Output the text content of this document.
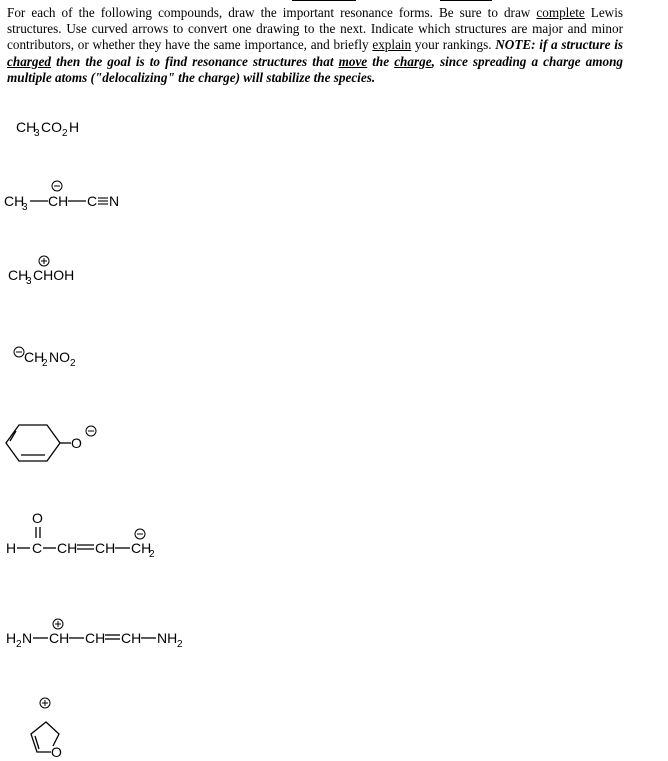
For each of the following compounds, draw the important resonance forms. Be sure to draw complete Lewis structures. Use curved arrows to convert one drawing to the next. Indicate which structures are major and minor contributors, or whether they have the same importance, and briefly explain your rankings. NOTE: if a structure is charged then the goal is to find resonance structures that move the charge, since spreading a charge among multiple atoms ("delocalizing" the charge) will stabilize the species.

CH
3 CO 2 H
CH
3 CH C N
CH
3 CHOH
CH
2 NO 2
O
O
H C CH CH CH
2
H 2 N CH CH CH NH 2
O
